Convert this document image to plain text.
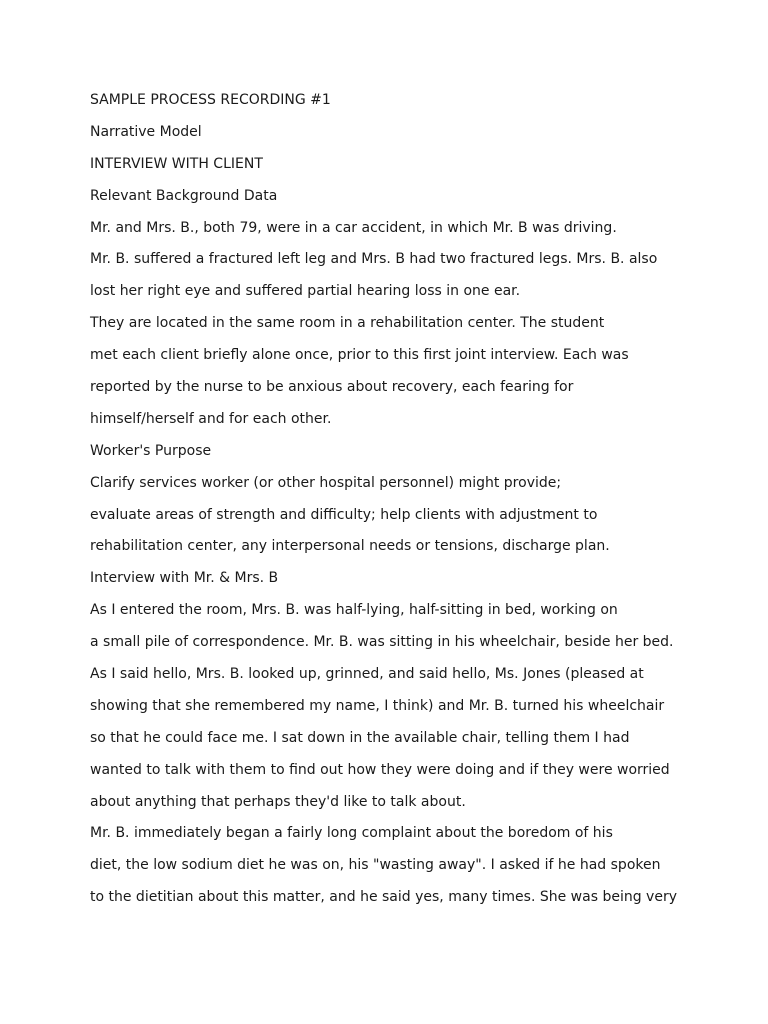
SAMPLE PROCESS RECORDING #1
Narrative Model
INTERVIEW WITH CLIENT
Relevant Background Data
Mr. and Mrs. B., both 79, were in a car accident, in which Mr. B was driving.
Mr. B. suffered a fractured left leg and Mrs. B had two fractured legs. Mrs. B. also
lost her right eye and suffered partial hearing loss in one ear.
They are located in the same room in a rehabilitation center. The student
met each client briefly alone once, prior to this first joint interview. Each was
reported by the nurse to be anxious about recovery, each fearing for
himself/herself and for each other.
Worker's Purpose
Clarify services worker (or other hospital personnel) might provide;
evaluate areas of strength and difficulty; help clients with adjustment to
rehabilitation center, any interpersonal needs or tensions, discharge plan.
Interview with Mr. & Mrs. B
As I entered the room, Mrs. B. was half-lying, half-sitting in bed, working on
a small pile of correspondence. Mr. B. was sitting in his wheelchair, beside her bed.
As I said hello, Mrs. B. looked up, grinned, and said hello, Ms. Jones (pleased at
showing that she remembered my name, I think) and Mr. B. turned his wheelchair
so that he could face me. I sat down in the available chair, telling them I had
wanted to talk with them to find out how they were doing and if they were worried
about anything that perhaps they'd like to talk about.
Mr. B. immediately began a fairly long complaint about the boredom of his
diet, the low sodium diet he was on, his "wasting away". I asked if he had spoken
to the dietitian about this matter, and he said yes, many times. She was being very
